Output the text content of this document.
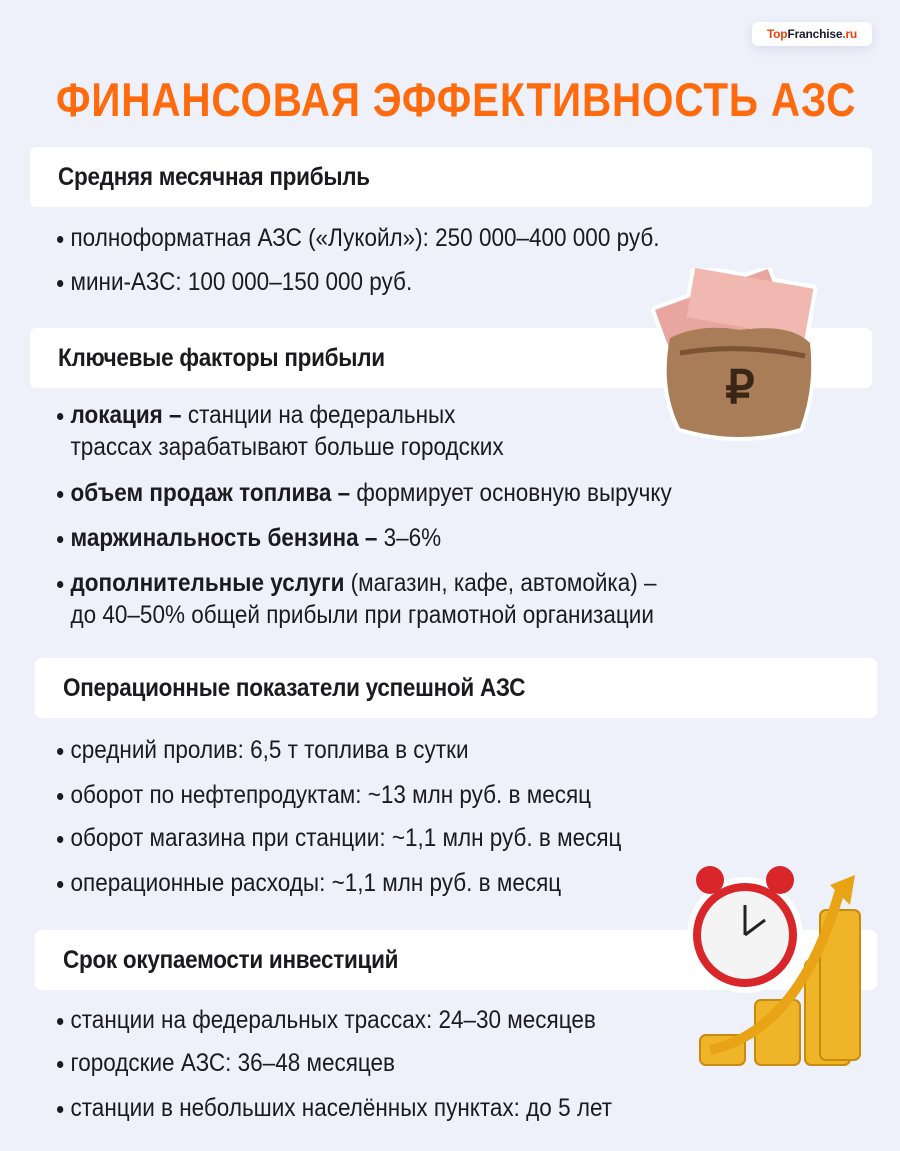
Top Franchise .ru
ФИНАНСОВАЯ ЭФФЕКТИВНОСТЬ АЗС
Средняя месячная прибыль
полноформатная АЗС («Лукойл»): 250 000–400 000 руб.
мини-АЗС: 100 000–150 000 руб.
Ключевые факторы прибыли
локация – станции на федеральных
трассах зарабатывают больше городских
объем продаж топлива – формирует основную выручку
маржинальность бензина – 3–6%
дополнительные услуги (магазин, кафе, автомойка) –
до 40–50% общей прибыли при грамотной организации
Операционные показатели успешной АЗС
средний пролив: 6,5 т топлива в сутки
оборот по нефтепродуктам: ~13 млн руб. в месяц
оборот магазина при станции: ~1,1 млн руб. в месяц
операционные расходы: ~1,1 млн руб. в месяц
Срок окупаемости инвестиций
станции на федеральных трассах: 24–30 месяцев
городские АЗС: 36–48 месяцев
станции в небольших населённых пунктах: до 5 лет
₽
